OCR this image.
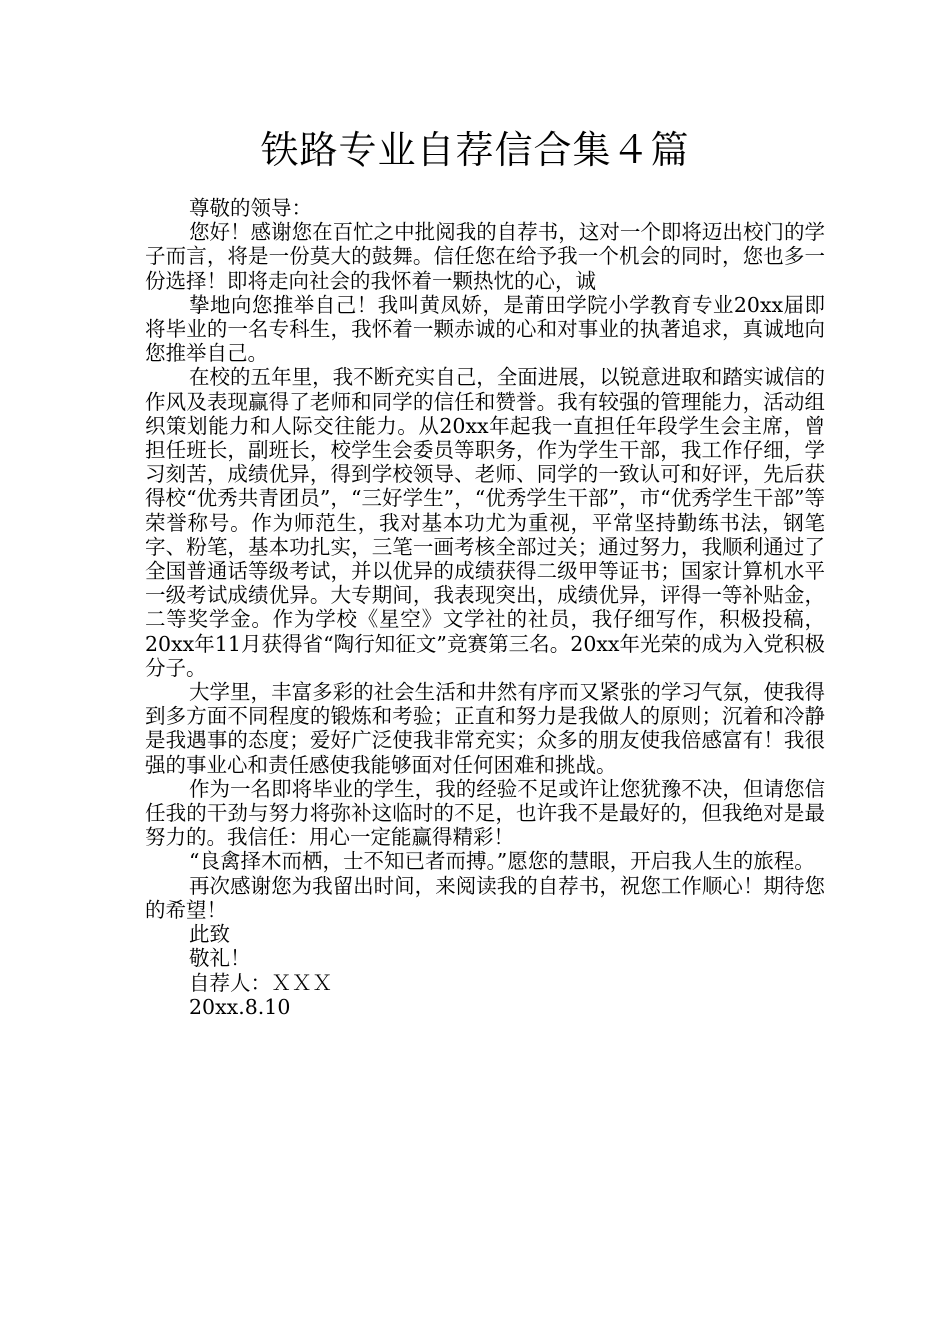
铁路专业自荐信合集４篇

尊敬的领导：

您好！感谢您在百忙之中批阅我的自荐书，这对一个即将迈出校门的学子而言，将是一份莫大的鼓舞。信任您在给予我一个机会的同时，您也多一份选择！即将走向社会的我怀着一颗热忱的心，诚

挚地向您推举自己！我叫黄凤娇，是莆田学院小学教育专业20xx届即将毕业的一名专科生，我怀着一颗赤诚的心和对事业的执著追求，真诚地向您推举自己。

在校的五年里，我不断充实自己，全面进展，以锐意进取和踏实诚信的作风及表现赢得了老师和同学的信任和赞誉。我有较强的管理能力，活动组织策划能力和人际交往能力。从20xx年起我一直担任年段学生会主席，曾担任班长，副班长，校学生会委员等职务，作为学生干部，我工作仔细，学习刻苦，成绩优异，得到学校领导、老师、同学的一致认可和好评，先后获得校“优秀共青团员”，“三好学生”，“优秀学生干部”，市“优秀学生干部”等荣誉称号。作为师范生，我对基本功尤为重视，平常坚持勤练书法，钢笔字、粉笔，基本功扎实，三笔一画考核全部过关；通过努力，我顺利通过了全国普通话等级考试，并以优异的成绩获得二级甲等证书；国家计算机水平一级考试成绩优异。大专期间，我表现突出，成绩优异，评得一等补贴金，二等奖学金。作为学校《星空》文学社的社员，我仔细写作，积极投稿，20xx年11月获得省“陶行知征文”竞赛第三名。20xx年光荣的成为入党积极分子。

大学里，丰富多彩的社会生活和井然有序而又紧张的学习气氛，使我得到多方面不同程度的锻炼和考验；正直和努力是我做人的原则；沉着和冷静是我遇事的态度；爱好广泛使我非常充实；众多的朋友使我倍感富有！我很强的事业心和责任感使我能够面对任何困难和挑战。

作为一名即将毕业的学生，我的经验不足或许让您犹豫不决，但请您信任我的干劲与努力将弥补这临时的不足，也许我不是最好的，但我绝对是最努力的。我信任：用心一定能赢得精彩！

“良禽择木而栖，士不知已者而搏。”愿您的慧眼，开启我人生的旅程。

再次感谢您为我留出时间，来阅读我的自荐书，祝您工作顺心！期待您的希望！

此致

敬礼！

自荐人：ＸＸＸ

20xx.8.10
